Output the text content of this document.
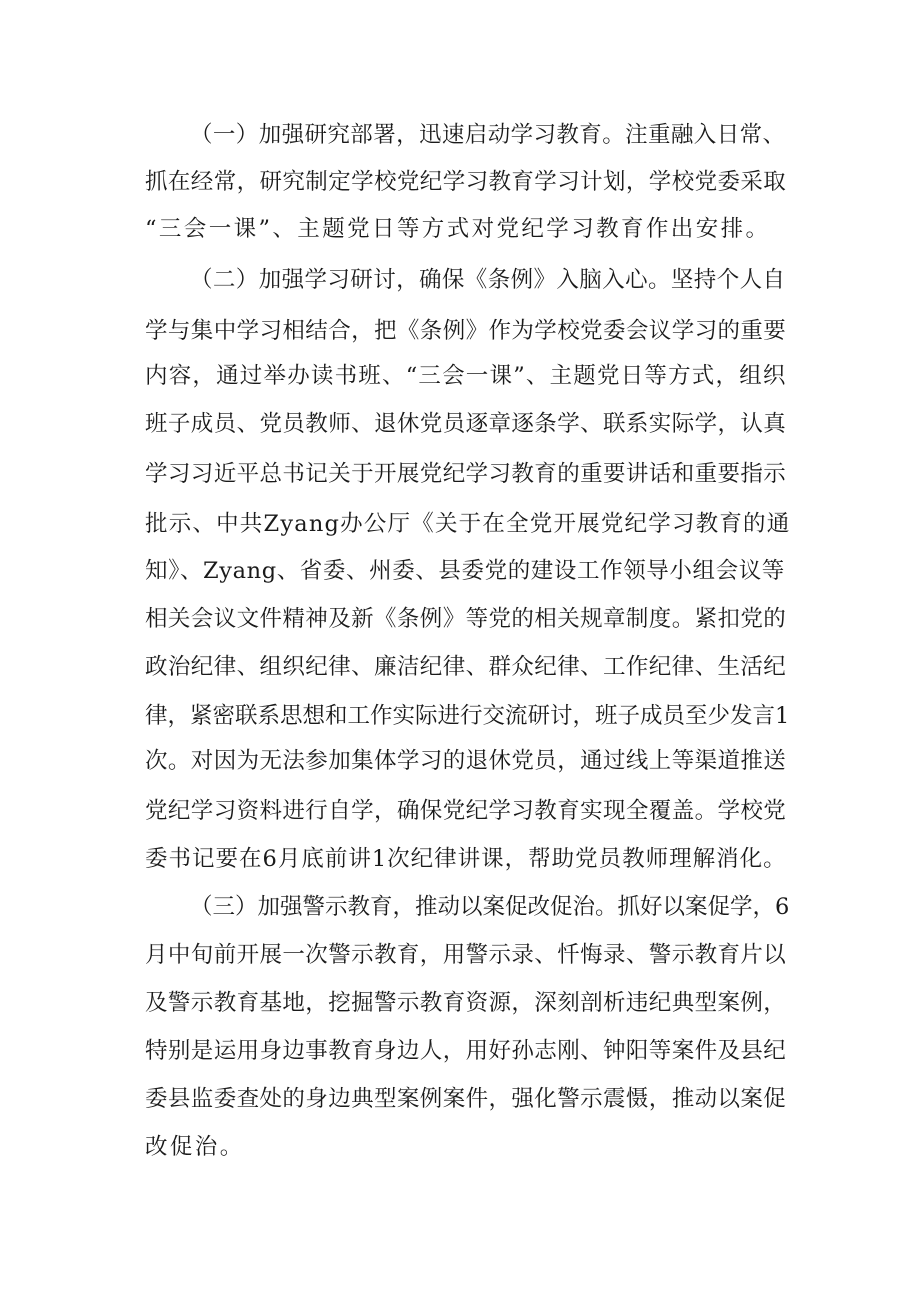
（一）加强研究部署，迅速启动学习教育。注重融入日常、
抓在经常，研究制定学校党纪学习教育学习计划，学校党委采取
“三会一课”、主题党日等方式对党纪学习教育作出安排。
（二）加强学习研讨，确保《条例》入脑入心。坚持个人自
学与集中学习相结合，把《条例》作为学校党委会议学习的重要
内容，通过举办读书班、“三会一课”、主题党日等方式，组织
班子成员、党员教师、退休党员逐章逐条学、联系实际学，认真
学习习近平总书记关于开展党纪学习教育的重要讲话和重要指示
批示、中共Zyang办公厅《关于在全党开展党纪学习教育的通
知》、Zyang、省委、州委、县委党的建设工作领导小组会议等
相关会议文件精神及新《条例》等党的相关规章制度。紧扣党的
政治纪律、组织纪律、廉洁纪律、群众纪律、工作纪律、生活纪
律，紧密联系思想和工作实际进行交流研讨，班子成员至少发言1
次。对因为无法参加集体学习的退休党员，通过线上等渠道推送
党纪学习资料进行自学，确保党纪学习教育实现全覆盖。学校党
委书记要在6月底前讲1次纪律讲课，帮助党员教师理解消化。
（三）加强警示教育，推动以案促改促治。抓好以案促学，6
月中旬前开展一次警示教育，用警示录、忏悔录、警示教育片以
及警示教育基地，挖掘警示教育资源，深刻剖析违纪典型案例，
特别是运用身边事教育身边人，用好孙志刚、钟阳等案件及县纪
委县监委查处的身边典型案例案件，强化警示震慑，推动以案促
改促治。
